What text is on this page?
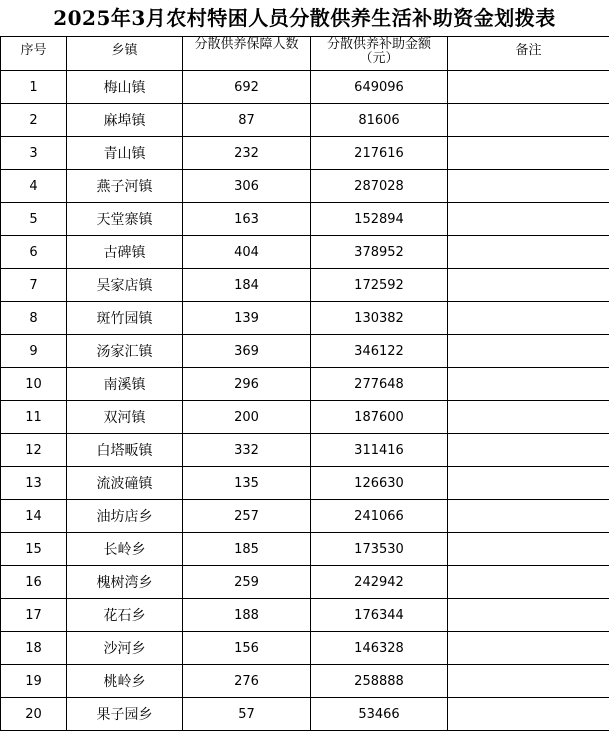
2025年3月农村特困人员分散供养生活补助资金划拨表
序号	乡镇	分散供养保障人数	分散供养补助金额（元）	备注
1	梅山镇	692	649096	
2	麻埠镇	87	81606	
3	青山镇	232	217616	
4	燕子河镇	306	287028	
5	天堂寨镇	163	152894	
6	古碑镇	404	378952	
7	吴家店镇	184	172592	
8	斑竹园镇	139	130382	
9	汤家汇镇	369	346122	
10	南溪镇	296	277648	
11	双河镇	200	187600	
12	白塔畈镇	332	311416	
13	流波䃥镇	135	126630	
14	油坊店乡	257	241066	
15	长岭乡	185	173530	
16	槐树湾乡	259	242942	
17	花石乡	188	176344	
18	沙河乡	156	146328	
19	桃岭乡	276	258888	
20	果子园乡	57	53466	
